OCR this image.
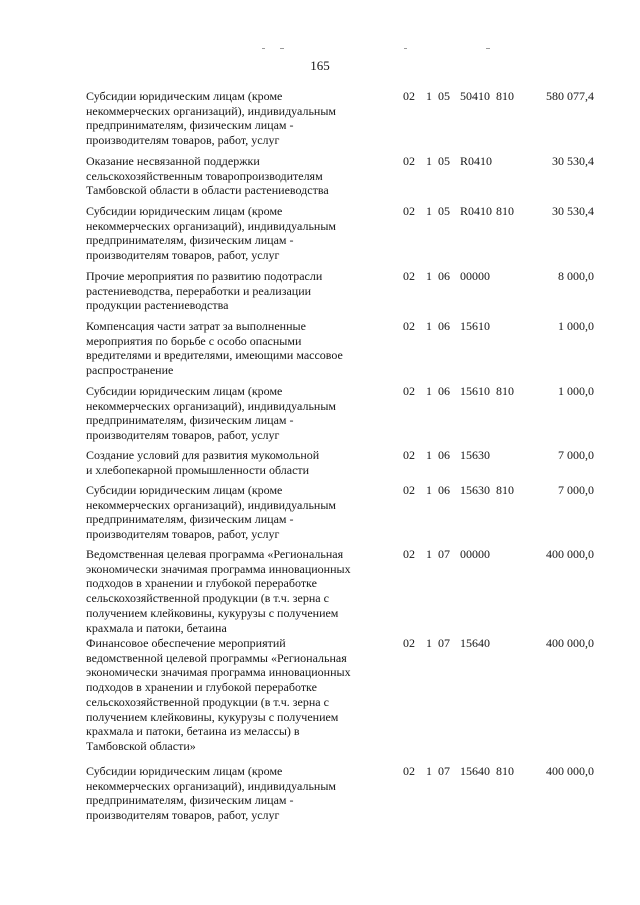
165
Субсидии юридическим лицам (кроме
некоммерческих организаций), индивидуальным
предпринимателям, физическим лицам -
производителям товаров, работ, услуг
02 1 05 50410 810	580 077,4
Оказание несвязанной поддержки
сельскохозяйственным товаропроизводителям
Тамбовской области в области растениеводства
02 1 05 R0410	30 530,4
Субсидии юридическим лицам (кроме
некоммерческих организаций), индивидуальным
предпринимателям, физическим лицам -
производителям товаров, работ, услуг
02 1 05 R0410 810	30 530,4
Прочие мероприятия по развитию подотрасли
растениеводства, переработки и реализации
продукции растениеводства
02 1 06 00000	8 000,0
Компенсация части затрат за выполненные
мероприятия по борьбе с особо опасными
вредителями и вредителями, имеющими массовое
распространение
02 1 06 15610	1 000,0
Субсидии юридическим лицам (кроме
некоммерческих организаций), индивидуальным
предпринимателям, физическим лицам -
производителям товаров, работ, услуг
02 1 06 15610 810	1 000,0
Создание условий для развития мукомольной
и хлебопекарной промышленности области
02 1 06 15630	7 000,0
Субсидии юридическим лицам (кроме
некоммерческих организаций), индивидуальным
предпринимателям, физическим лицам -
производителям товаров, работ, услуг
02 1 06 15630 810	7 000,0
Ведомственная целевая программа «Региональная
экономически значимая программа инновационных
подходов в хранении и глубокой переработке
сельскохозяйственной продукции (в т.ч. зерна с
получением клейковины, кукурузы с получением
крахмала и патоки, бетаина
02 1 07 00000	400 000,0
Финансовое обеспечение мероприятий
ведомственной целевой программы «Региональная
экономически значимая программа инновационных
подходов в хранении и глубокой переработке
сельскохозяйственной продукции (в т.ч. зерна с
получением клейковины, кукурузы с получением
крахмала и патоки, бетаина из мелассы) в
Тамбовской области»
02 1 07 15640	400 000,0
Субсидии юридическим лицам (кроме
некоммерческих организаций), индивидуальным
предпринимателям, физическим лицам -
производителям товаров, работ, услуг
02 1 07 15640 810	400 000,0
